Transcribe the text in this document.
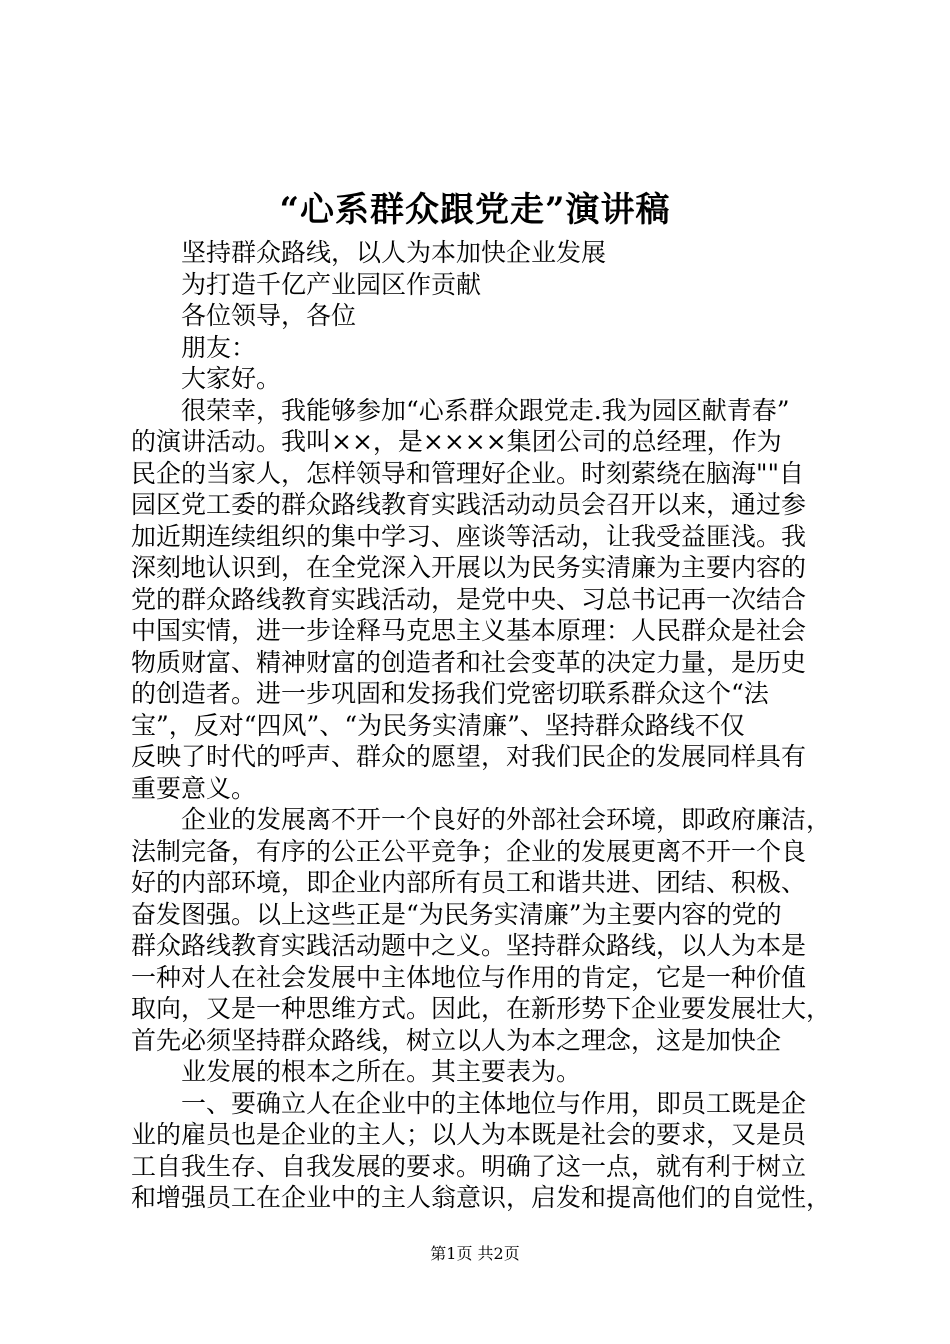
“心系群众跟党走”演讲稿
坚持群众路线，以人为本加快企业发展
为打造千亿产业园区作贡献
各位领导，各位
朋友：
大家好。
很荣幸，我能够参加“心系群众跟党走.我为园区献青春”
的演讲活动。我叫××，是××××集团公司的总经理，作为
民企的当家人，怎样领导和管理好企业。时刻萦绕在脑海""自
园区党工委的群众路线教育实践活动动员会召开以来，通过参
加近期连续组织的集中学习、座谈等活动，让我受益匪浅。我
深刻地认识到，在全党深入开展以为民务实清廉为主要内容的
党的群众路线教育实践活动，是党中央、习总书记再一次结合
中国实情，进一步诠释马克思主义基本原理：人民群众是社会
物质财富、精神财富的创造者和社会变革的决定力量，是历史
的创造者。进一步巩固和发扬我们党密切联系群众这个“法
宝”，反对“四风”、“为民务实清廉”、坚持群众路线不仅
反映了时代的呼声、群众的愿望，对我们民企的发展同样具有
重要意义。
企业的发展离不开一个良好的外部社会环境，即政府廉洁，
法制完备，有序的公正公平竞争；企业的发展更离不开一个良
好的内部环境，即企业内部所有员工和谐共进、团结、积极、
奋发图强。以上这些正是“为民务实清廉”为主要内容的党的
群众路线教育实践活动题中之义。坚持群众路线，以人为本是
一种对人在社会发展中主体地位与作用的肯定，它是一种价值
取向，又是一种思维方式。因此，在新形势下企业要发展壮大，
首先必须坚持群众路线，树立以人为本之理念，这是加快企
业发展的根本之所在。其主要表为。
一、要确立人在企业中的主体地位与作用，即员工既是企
业的雇员也是企业的主人；以人为本既是社会的要求，又是员
工自我生存、自我发展的要求。明确了这一点，就有利于树立
和增强员工在企业中的主人翁意识，启发和提高他们的自觉性，
第1页 共2页
